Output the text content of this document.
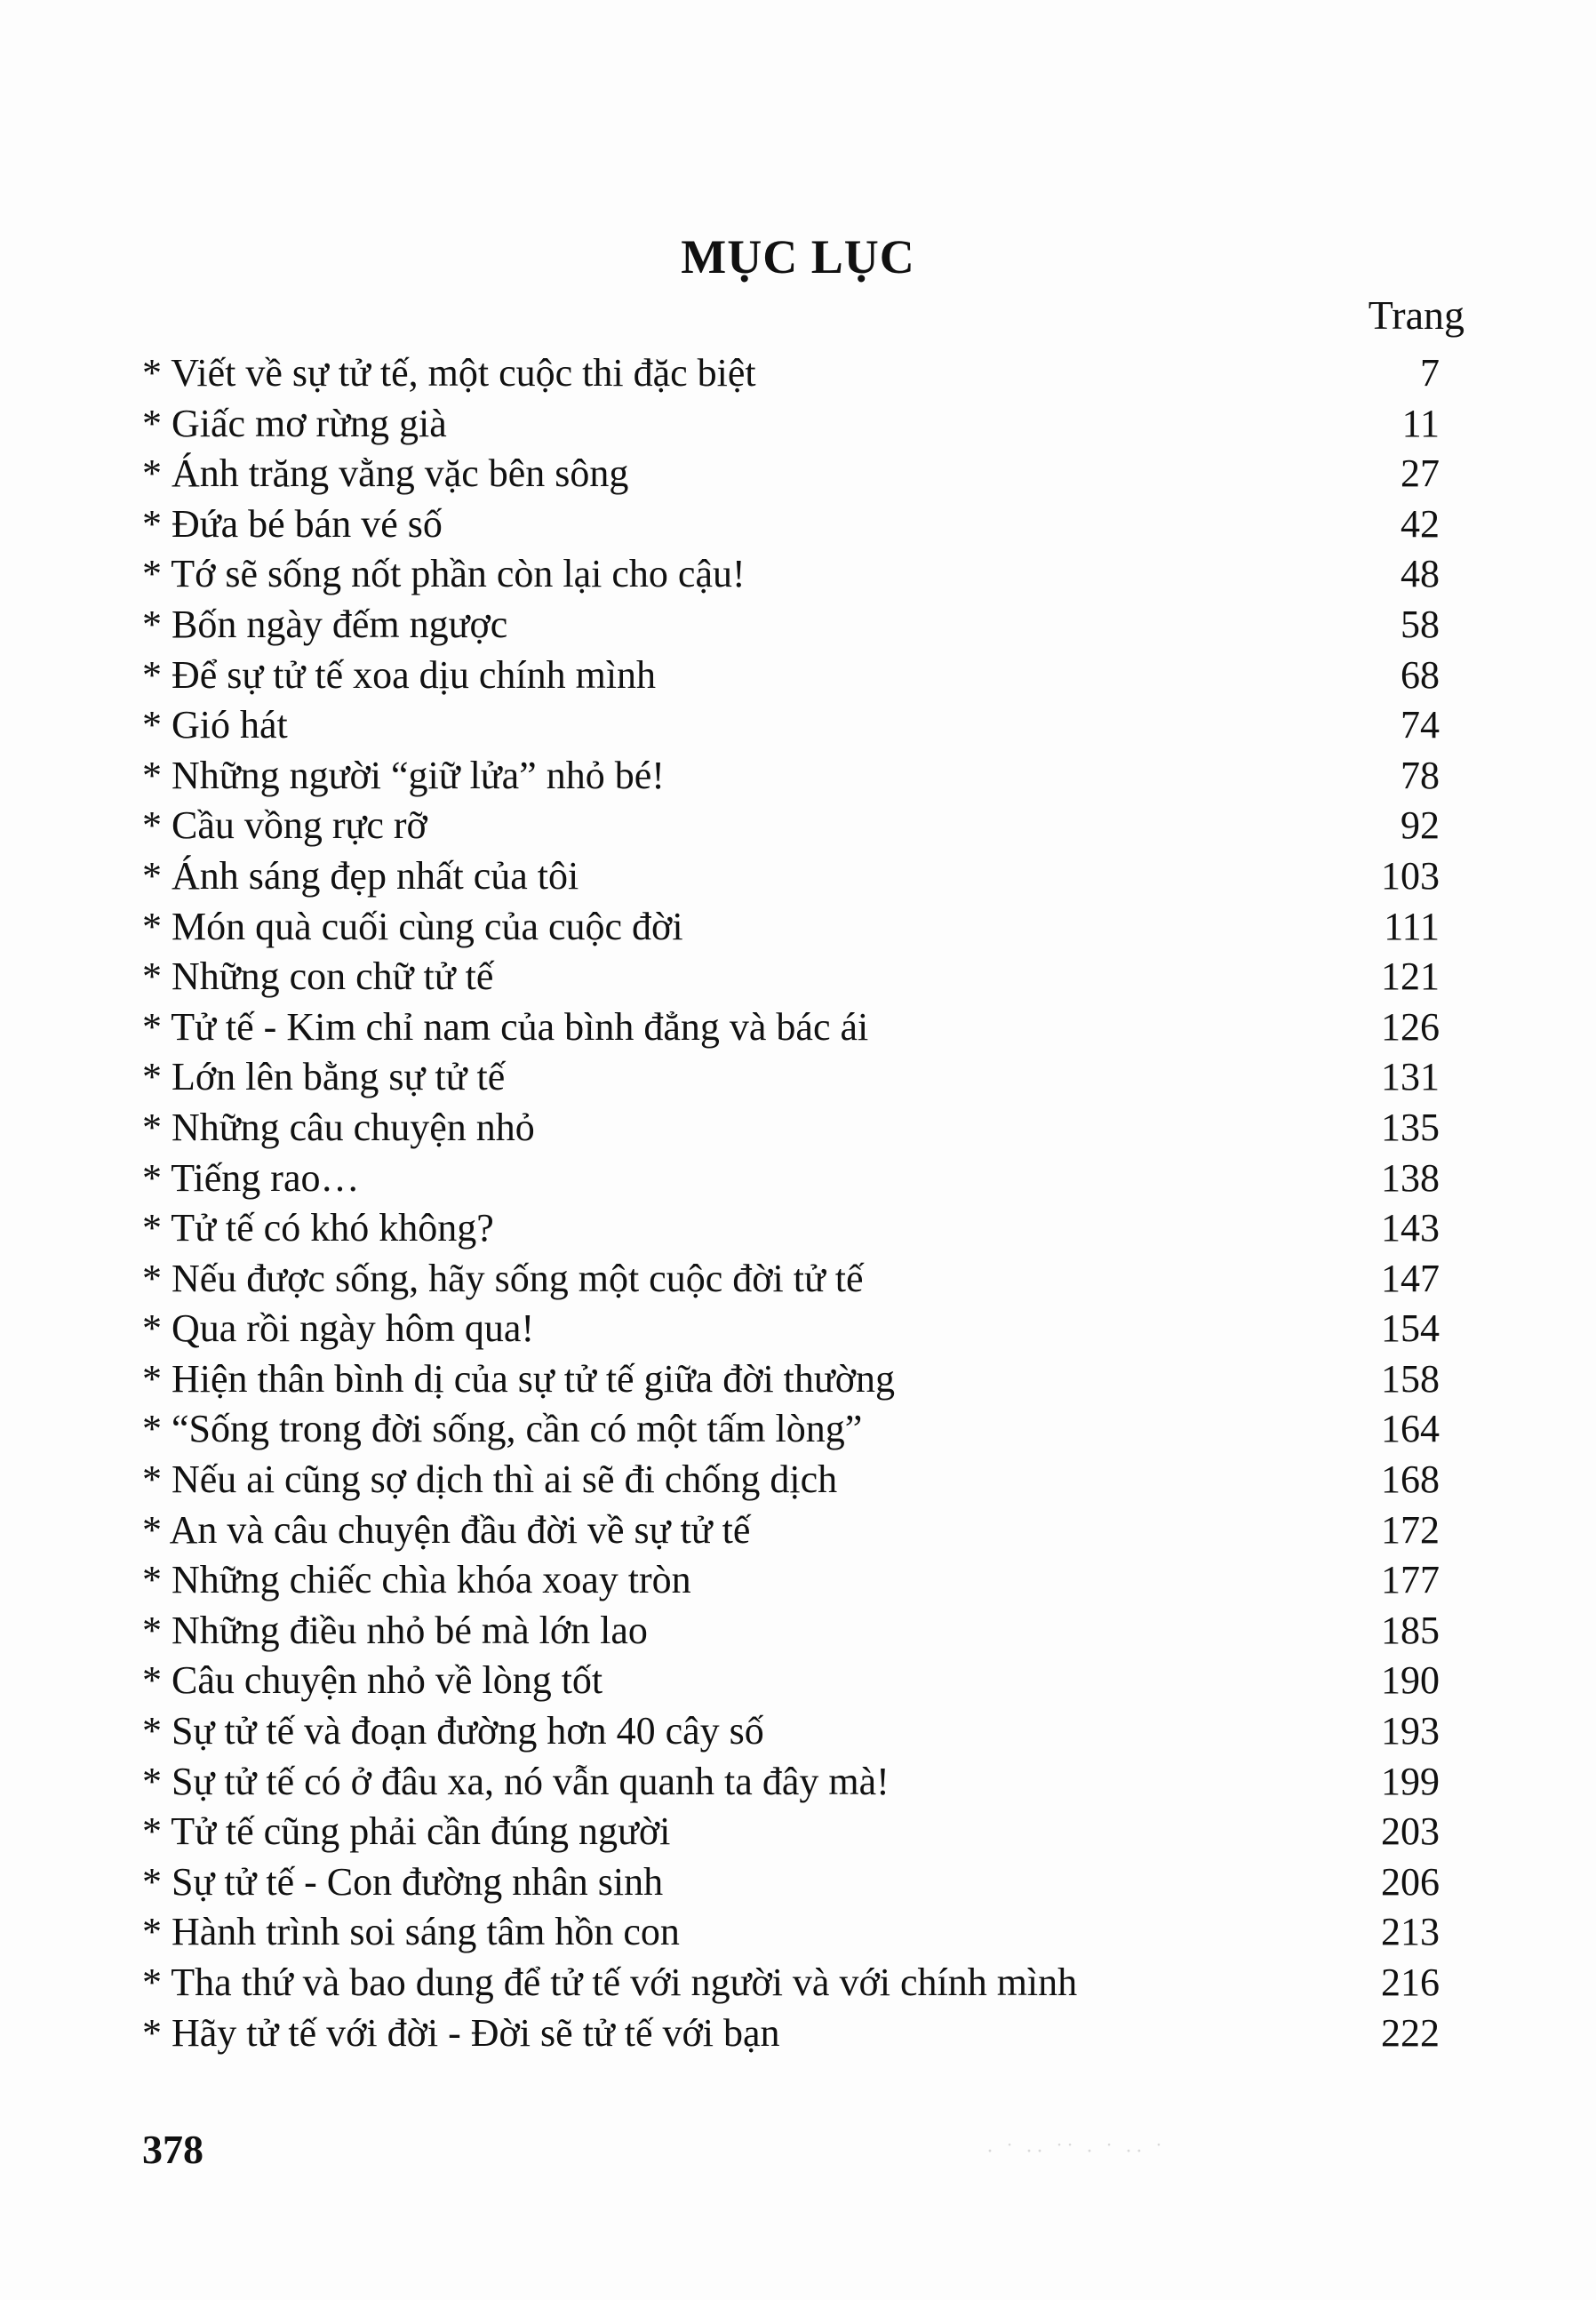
MỤC LỤC
Trang
* Viết về sự tử tế, một cuộc thi đặc biệt	7
* Giấc mơ rừng già	11
* Ánh trăng vằng vặc bên sông	27
* Đứa bé bán vé số	42
* Tớ sẽ sống nốt phần còn lại cho cậu!	48
* Bốn ngày đếm ngược	58
* Để sự tử tế xoa dịu chính mình	68
* Gió hát	74
* Những người “giữ lửa” nhỏ bé!	78
* Cầu vồng rực rỡ	92
* Ánh sáng đẹp nhất của tôi	103
* Món quà cuối cùng của cuộc đời	111
* Những con chữ tử tế	121
* Tử tế - Kim chỉ nam của bình đẳng và bác ái	126
* Lớn lên bằng sự tử tế	131
* Những câu chuyện nhỏ	135
* Tiếng rao…	138
* Tử tế có khó không?	143
* Nếu được sống, hãy sống một cuộc đời tử tế	147
* Qua rồi ngày hôm qua!	154
* Hiện thân bình dị của sự tử tế giữa đời thường	158
* “Sống trong đời sống, cần có một tấm lòng”	164
* Nếu ai cũng sợ dịch thì ai sẽ đi chống dịch	168
* An và câu chuyện đầu đời về sự tử tế	172
* Những chiếc chìa khóa xoay tròn	177
* Những điều nhỏ bé mà lớn lao	185
* Câu chuyện nhỏ về lòng tốt	190
* Sự tử tế và đoạn đường hơn 40 cây số	193
* Sự tử tế có ở đâu xa, nó vẫn quanh ta đây mà!	199
* Tử tế cũng phải cần đúng người	203
* Sự tử tế - Con đường nhân sinh	206
* Hành trình soi sáng tâm hồn con	213
* Tha thứ và bao dung để tử tế với người và với chính mình	216
* Hãy tử tế với đời - Đời sẽ tử tế với bạn	222
378	· ˙ ·· ˙˙ · ˙ ·· ˙
